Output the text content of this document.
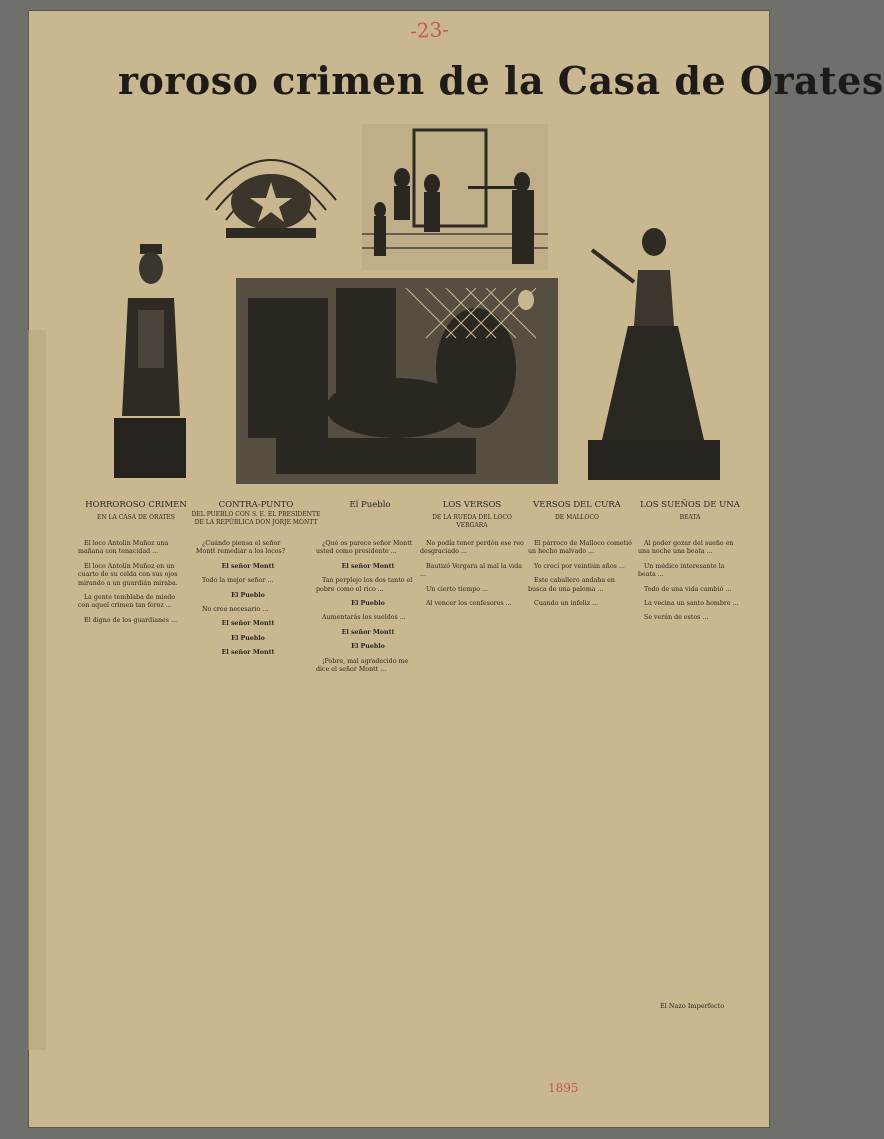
-23-
roroso crimen de la Casa de Orates
HORROROSO CRIMEN
EN LA CASA DE ORATES
CONTRA-PUNTO
DEL PUEBLO CON S. E. EL PRESIDENTE DE LA REPÚBLICA DON JORJE MONTT
El Pueblo	LOS VERSOS
DE LA RUEDA DEL LOCO VERGARA
VERSOS DEL CURA
DE MALLOCO
LOS SUEÑOS DE UNA
BEATA

El loco Antolín Muñoz una mañana con tenacidad ...

El loco Antolín Muñoz en un cuarto de su celda con sus ojos mirando a un guardián miraba.

La gente temblaba de miedo con aquel crimen tan feroz ...

El digno de los guardianes ...

¿Cuándo piensa el señor Montt remediar a los locos?

El señor Montt

Todo la mejor señor ...

El Pueblo

No creo necesario ...

El señor Montt

El Pueblo

El señor Montt

¿Qué os parece señor Montt usted como presidente ...

El señor Montt

Tan perplejo los dos tanto el pobre como el rico ...

El Pueblo

Aumentarás los sueldos ...

El señor Montt

El Pueblo

¡Pobre, mal agradecido me dice el señor Montt ...

No podía tener perdón ese reo desgraciado ...

Bautizó Vergara al mal la vida ...

Un cierto tiempo ...

Al vencer los confesores ...

El párroco de Malloco cometió un hecho malvado ...

Yo crecí por veintiún años ...

Este caballero andaba en busca de una paloma ...

Cuando un infeliz ...

Al poder gozar del sueño en una noche una beata ...

Un médico interesante la beata ...

Todo de una vida cambió ...

La vecina un santo hombre ...

Se verán de estos ...

El Nazo Imperfecto
1895
